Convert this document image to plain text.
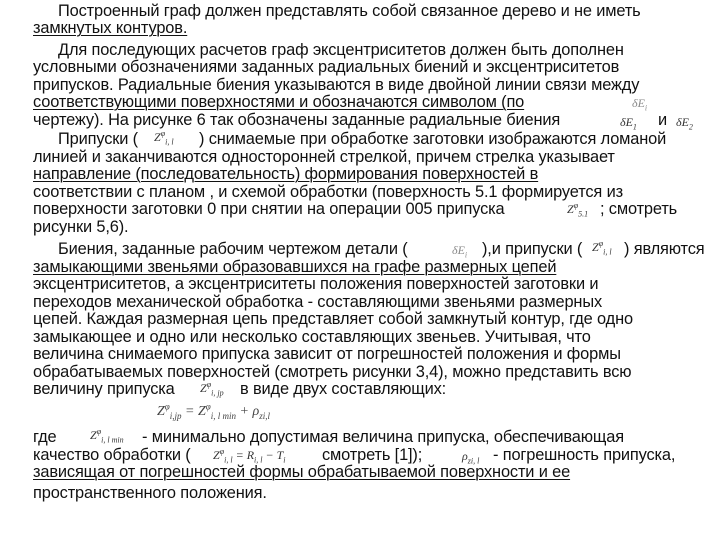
Построенный граф должен представлять собой связанное дерево и не иметь
замкнутых контуров.
Для последующих расчетов граф эксцентриситетов должен быть дополнен
условными обозначениями заданных радиальных биений и эксцентриситетов
припусков. Радиальные биения указываются в виде двойной линии связи между
соответствующими поверхностями и обозначаются символом (по	$\delta E_i$
чертежу). На рисунке 6 так обозначены заданные радиальные биения	$\delta E_1$ и $\delta E_2$
Припуски ( $Z^\varphi_{i, l}$ ) снимаемые при обработке заготовки изображаются ломаной
линией и заканчиваются односторонней стрелкой, причем стрелка указывает
направление (последовательность) формирования поверхностей в
соответствии с планом , и схемой обработки (поверхность 5.1 формируется из
поверхности заготовки 0 при снятии на операции 005 припуска	$Z^\varphi_{5.1}$ ; смотреть
рисунки 5,6).
Биения, заданные рабочим чертежом детали (	$\delta E_i$ ),и припуски ( $Z^\varphi_{i, l}$ ) являются
замыкающими звеньями образовавшихся на графе размерных цепей
эксцентриситетов, а эксцентриситеты положения поверхностей заготовки и
переходов механической обработка - составляющими звеньями размерных
цепей. Каждая размерная цепь представляет собой замкнутый контур, где одно
замыкающее и одно или несколько составляющих звеньев. Учитывая, что
величина снимаемого припуска зависит от погрешностей положения и формы
обрабатываемых поверхностей (смотреть рисунки 3,4), можно представить всю
величину припуска $Z^\varphi_{i, jp}$ в виде двух составляющих:
$Z^\varphi_{i,jp} = Z^\varphi_{i, l min} + \rho_{zi,l}$
где	$Z^\varphi_{i, l min}$ - минимально допустимая величина припуска, обеспечивающая
качество обработки ( $Z^\varphi_{i, l} = R_{i, l} - T_i$ смотреть [1]);	$\rho_{zi, l}$ - погрешность припуска,
зависящая от погрешностей формы обрабатываемой поверхности и ее
пространственного положения.
